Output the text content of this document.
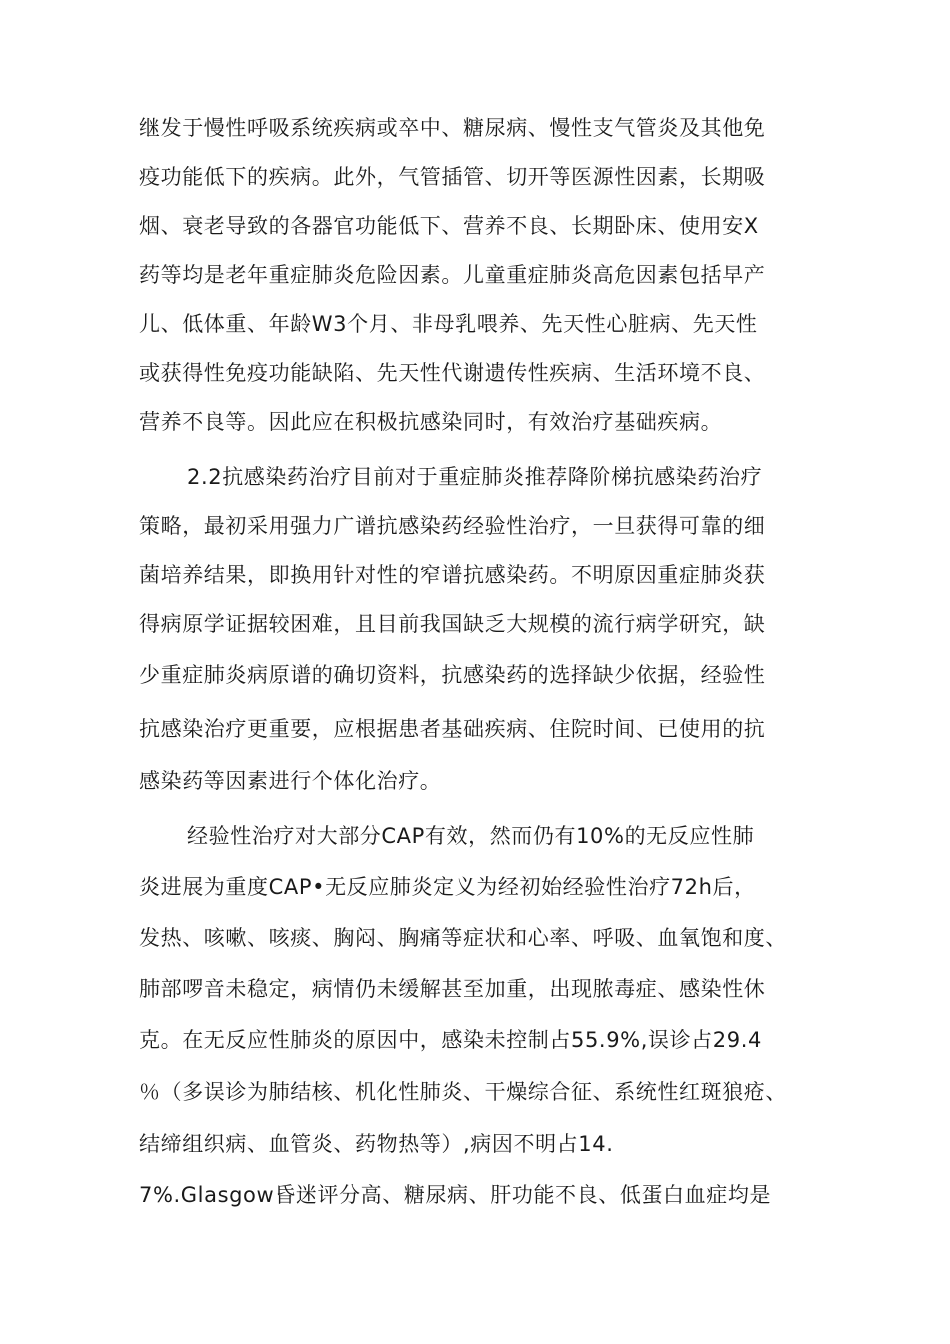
继发于慢性呼吸系统疾病或卒中、糖尿病、慢性支气管炎及其他免
疫功能低下的疾病。此外，气管插管、切开等医源性因素，长期吸
烟、衰老导致的各器官功能低下、营养不良、长期卧床、使用安X
药等均是老年重症肺炎危险因素。儿童重症肺炎高危因素包括早产
儿、低体重、年龄W3个月、非母乳喂养、先天性心脏病、先天性
或获得性免疫功能缺陷、先天性代谢遗传性疾病、生活环境不良、
营养不良等。因此应在积极抗感染同时，有效治疗基础疾病。
2.2抗感染药治疗目前对于重症肺炎推荐降阶梯抗感染药治疗
策略，最初采用强力广谱抗感染药经验性治疗，一旦获得可靠的细
菌培养结果，即换用针对性的窄谱抗感染药。不明原因重症肺炎获
得病原学证据较困难，且目前我国缺乏大规模的流行病学研究，缺
少重症肺炎病原谱的确切资料，抗感染药的选择缺少依据，经验性
抗感染治疗更重要，应根据患者基础疾病、住院时间、已使用的抗
感染药等因素进行个体化治疗。
经验性治疗对大部分CAP有效，然而仍有10%的无反应性肺
炎进展为重度CAP•无反应肺炎定义为经初始经验性治疗72h后，
发热、咳嗽、咳痰、胸闷、胸痛等症状和心率、呼吸、血氧饱和度、
肺部啰音未稳定，病情仍未缓解甚至加重，出现脓毒症、感染性休
克。在无反应性肺炎的原因中，感染未控制占55.9%,误诊占29.4
％（多误诊为肺结核、机化性肺炎、干燥综合征、系统性红斑狼疮、
结缔组织病、血管炎、药物热等）,病因不明占14.
7%.Glasgow昏迷评分高、糖尿病、肝功能不良、低蛋白血症均是
